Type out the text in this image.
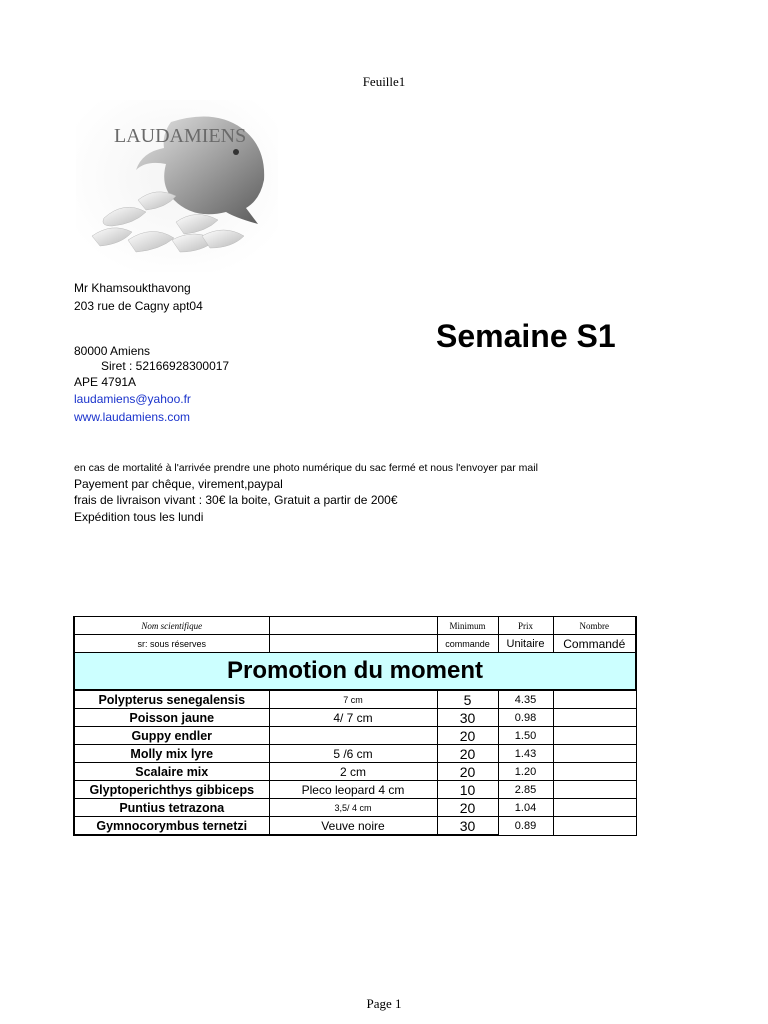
Feuille1
LAUDAMIENS
Mr Khamsoukthavong
203 rue de Cagny apt04
80000 Amiens
Siret : 52166928300017
APE 4791A
laudamiens@yahoo.fr
www.laudamiens.com
Semaine S1
en cas de mortalité à l'arrivée prendre une photo numérique du sac fermé et nous l'envoyer par mail
Payement par chêque, virement,paypal
frais de livraison vivant : 30€ la boite, Gratuit a partir de 200€
Expédition tous les lundi
Nom scientifique		Minimum	Prix	Nombre
sr: sous réserves		commande	Unitaire	Commandé
Promotion du moment				
Polypterus senegalensis	7 cm	5	4.35	
Poisson jaune	4/ 7 cm	30	0.98	
Guppy endler		20	1.50	
Molly mix lyre	5 /6 cm	20	1.43	
Scalaire mix	2 cm	20	1.20	
Glyptoperichthys gibbiceps	Pleco leopard 4 cm	10	2.85	
Puntius tetrazona	3,5/ 4 cm	20	1.04	
Gymnocorymbus ternetzi	Veuve noire	30	0.89	
Page 1
